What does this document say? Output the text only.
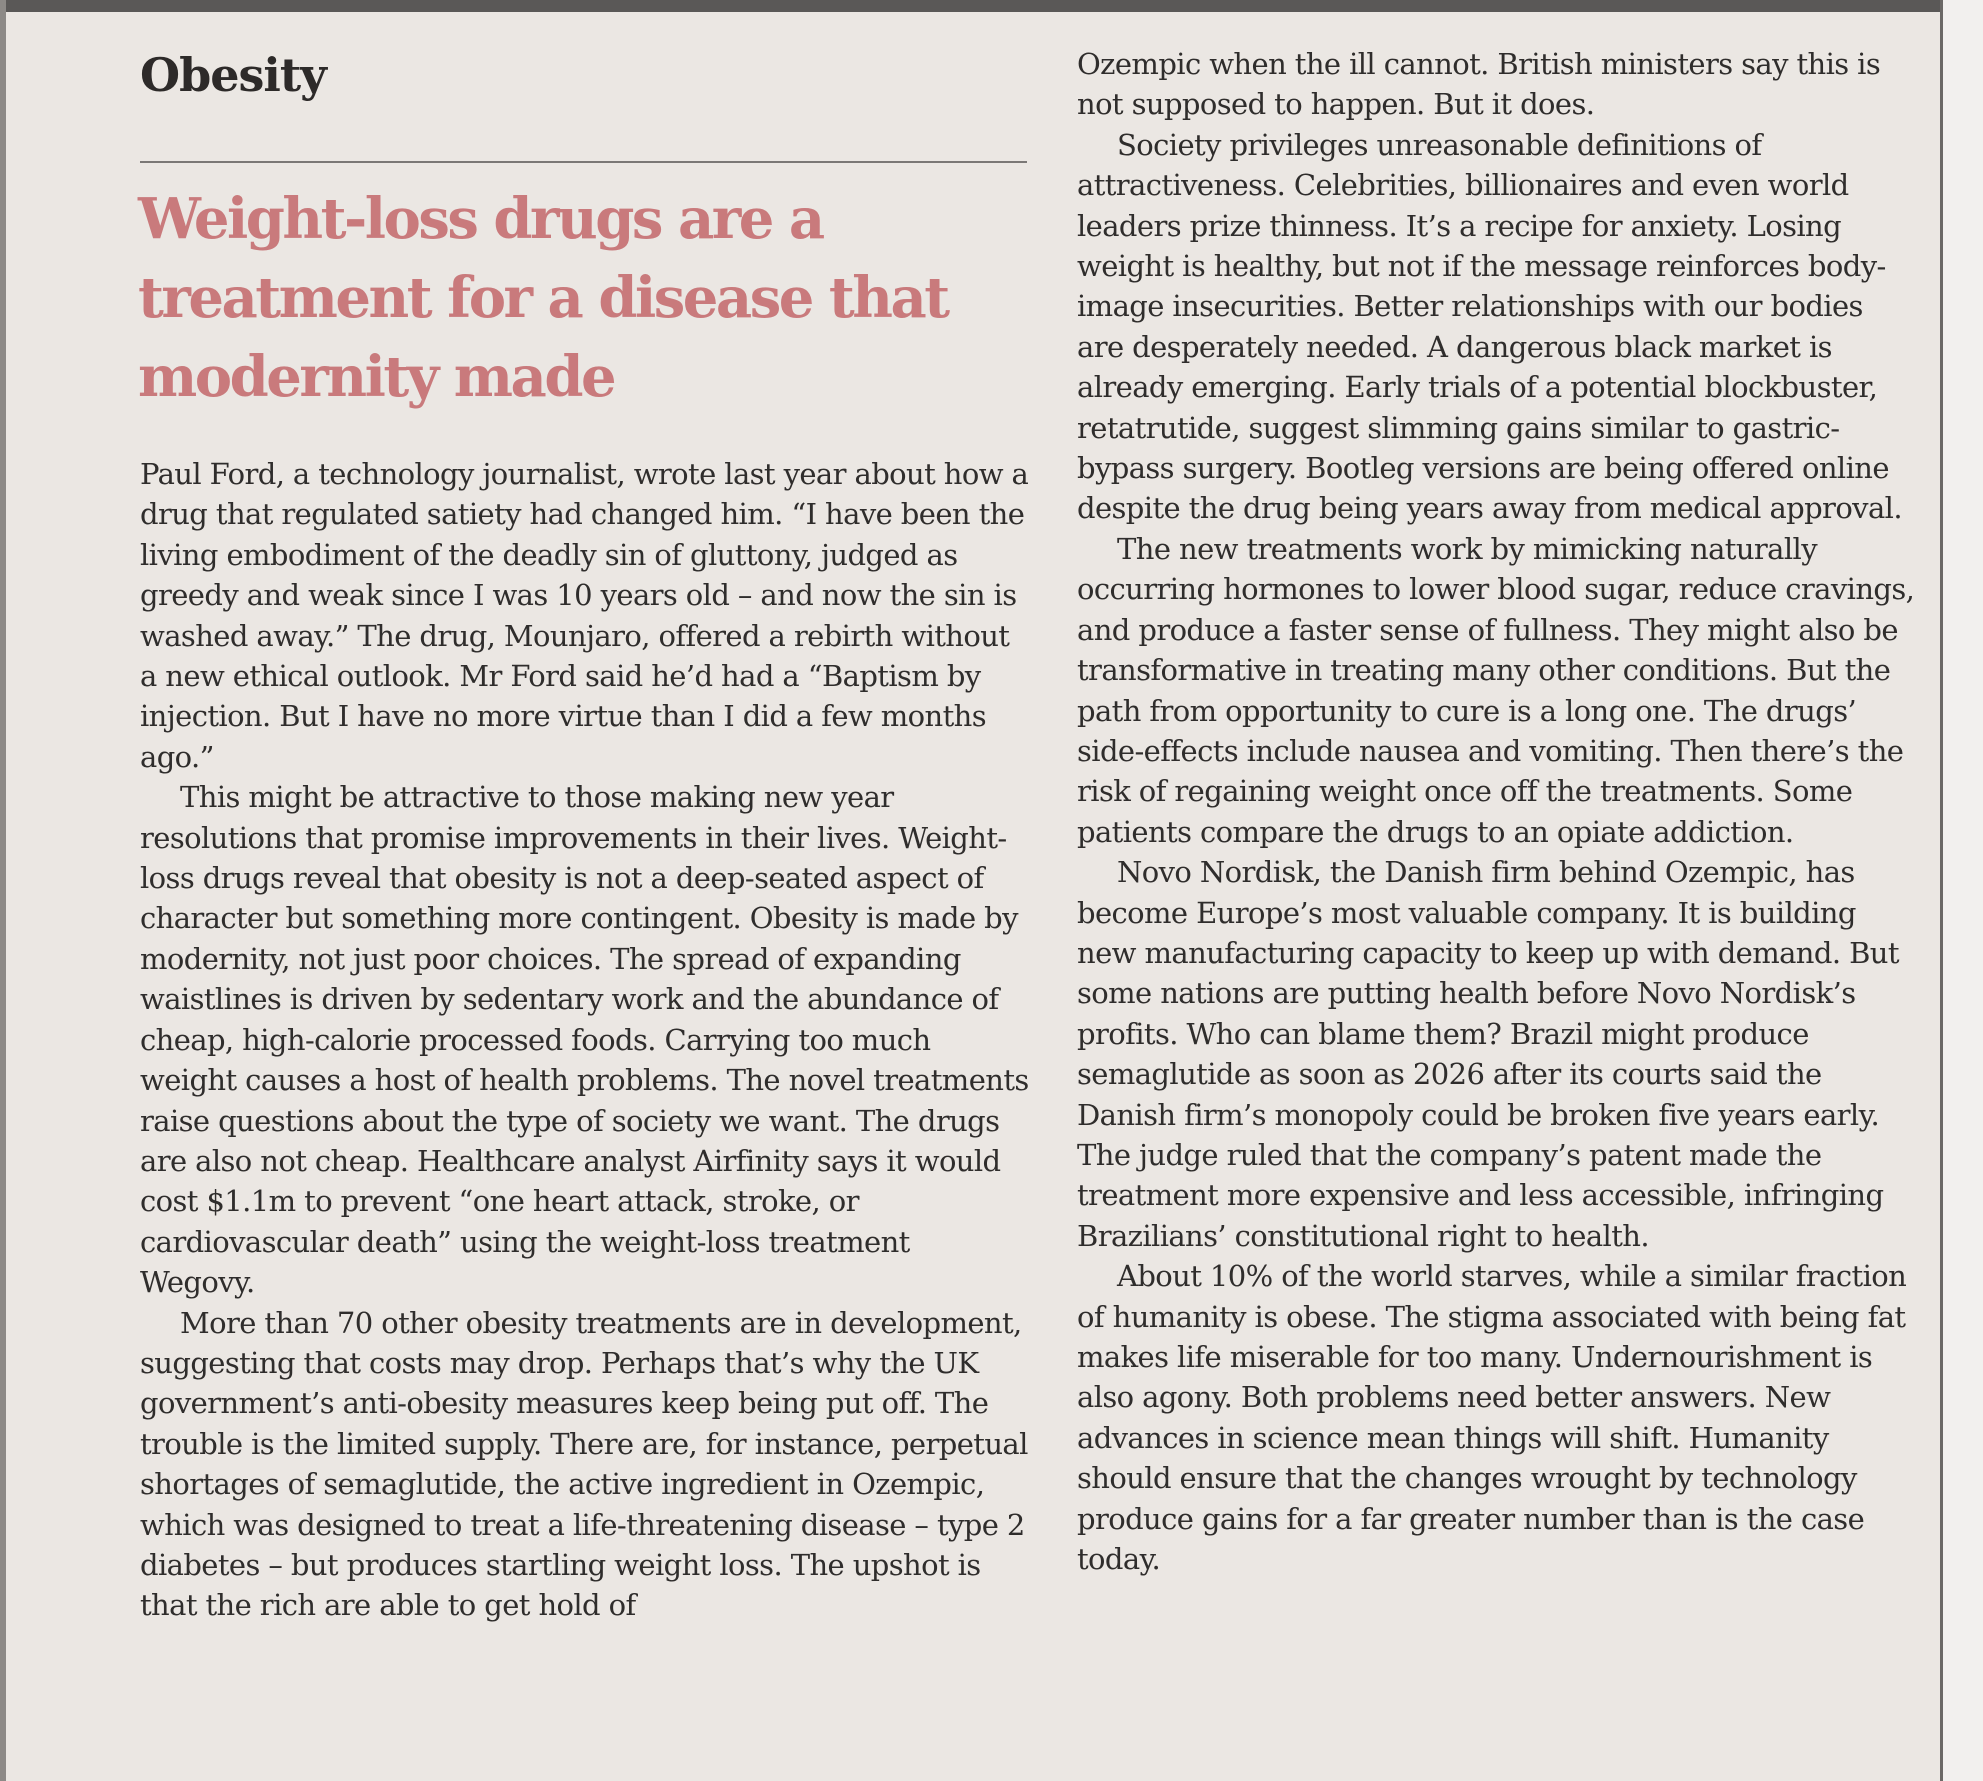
Obesity
Weight-loss drugs are a treatment for a disease that modernity made

Paul Ford, a technology journalist, wrote last year about how a drug that regulated satiety had changed him. “I have been the living embodiment of the deadly sin of gluttony, judged as greedy and weak since I was 10 years old – and now the sin is washed away.” The drug, Mounjaro, offered a rebirth without a new ethical outlook. Mr Ford said he’d had a “Baptism by injection. But I have no more virtue than I did a few months ago.”

This might be attractive to those making new year resolutions that promise improvements in their lives. Weight-loss drugs reveal that obesity is not a deep-seated aspect of character but something more contingent. Obesity is made by modernity, not just poor choices. The spread of expanding waistlines is driven by sedentary work and the abundance of cheap, high-calorie processed foods. Carrying too much weight causes a host of health problems. The novel treatments raise questions about the type of society we want. The drugs are also not cheap. Healthcare analyst Airfinity says it would cost $1.1m to prevent “one heart attack, stroke, or cardiovascular death” using the weight-loss treatment Wegovy.

More than 70 other obesity treatments are in development, suggesting that costs may drop. Perhaps that’s why the UK government’s anti-obesity measures keep being put off. The trouble is the limited supply. There are, for instance, perpetual shortages of semaglutide, the active ingredient in Ozempic, which was designed to treat a life-threatening disease – type 2 diabetes – but produces startling weight loss. The upshot is that the rich are able to get hold of

Ozempic when the ill cannot. British ministers say this is not supposed to happen. But it does.

Society privileges unreasonable definitions of attractiveness. Celebrities, billionaires and even world leaders prize thinness. It’s a recipe for anxiety. Losing weight is healthy, but not if the message reinforces body-image insecurities. Better relationships with our bodies are desperately needed. A dangerous black market is already emerging. Early trials of a potential blockbuster, retatrutide, suggest slimming gains similar to gastric-bypass surgery. Bootleg versions are being offered online despite the drug being years away from medical approval.

The new treatments work by mimicking naturally occurring hormones to lower blood sugar, reduce cravings, and produce a faster sense of fullness. They might also be transformative in treating many other conditions. But the path from opportunity to cure is a long one. The drugs’ side-effects include nausea and vomiting. Then there’s the risk of regaining weight once off the treatments. Some patients compare the drugs to an opiate addiction.

Novo Nordisk, the Danish firm behind Ozempic, has become Europe’s most valuable company. It is building new manufacturing capacity to keep up with demand. But some nations are putting health before Novo Nordisk’s profits. Who can blame them? Brazil might produce semaglutide as soon as 2026 after its courts said the Danish firm’s monopoly could be broken five years early. The judge ruled that the company’s patent made the treatment more expensive and less accessible, infringing Brazilians’ constitutional right to health.

About 10% of the world starves, while a similar fraction of humanity is obese. The stigma associated with being fat makes life miserable for too many. Undernourishment is also agony. Both problems need better answers. New advances in science mean things will shift. Humanity should ensure that the changes wrought by technology produce gains for a far greater number than is the case today.
